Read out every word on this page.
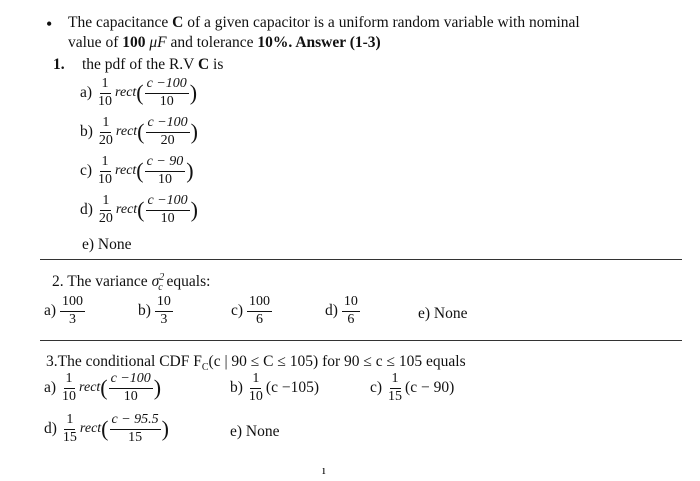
• The capacitance C of a given capacitor is a uniform random variable with nominal
value of 100 μF and tolerance 10%. Answer (1-3)
1. the pdf of the R.V C is
$a) \frac{1}{10}$ rect( $\frac{c -100}{10}$ )
$b) \frac{1}{20}$ rect( $\frac{c -100}{20}$ )
$c) \frac{1}{10}$ rect( $\frac{c - 90}{10}$ )
$d) \frac{1}{20}$ rect( $\frac{c -100}{10}$ )
e) None
2. The variance $\sigma^2_c$ equals:
$a) \frac{100}{3}$	$b) \frac{10}{3}$	$c) \frac{100}{6}$	$d) \frac{10}{6}$	e) None
3.The conditional CDF $F_C(c$ | 90 ≤ C ≤ 105) for 90 ≤ c ≤ 105 equals
$a) \frac{1}{10}$ rect( $\frac{c -100}{10}$ )	$b) \frac{1}{10} (c -105)$	$c) \frac{1}{15} (c - 90)$
$d) \frac{1}{15}$ rect( $\frac{c - 95.5}{15}$ )	e) None
ı
